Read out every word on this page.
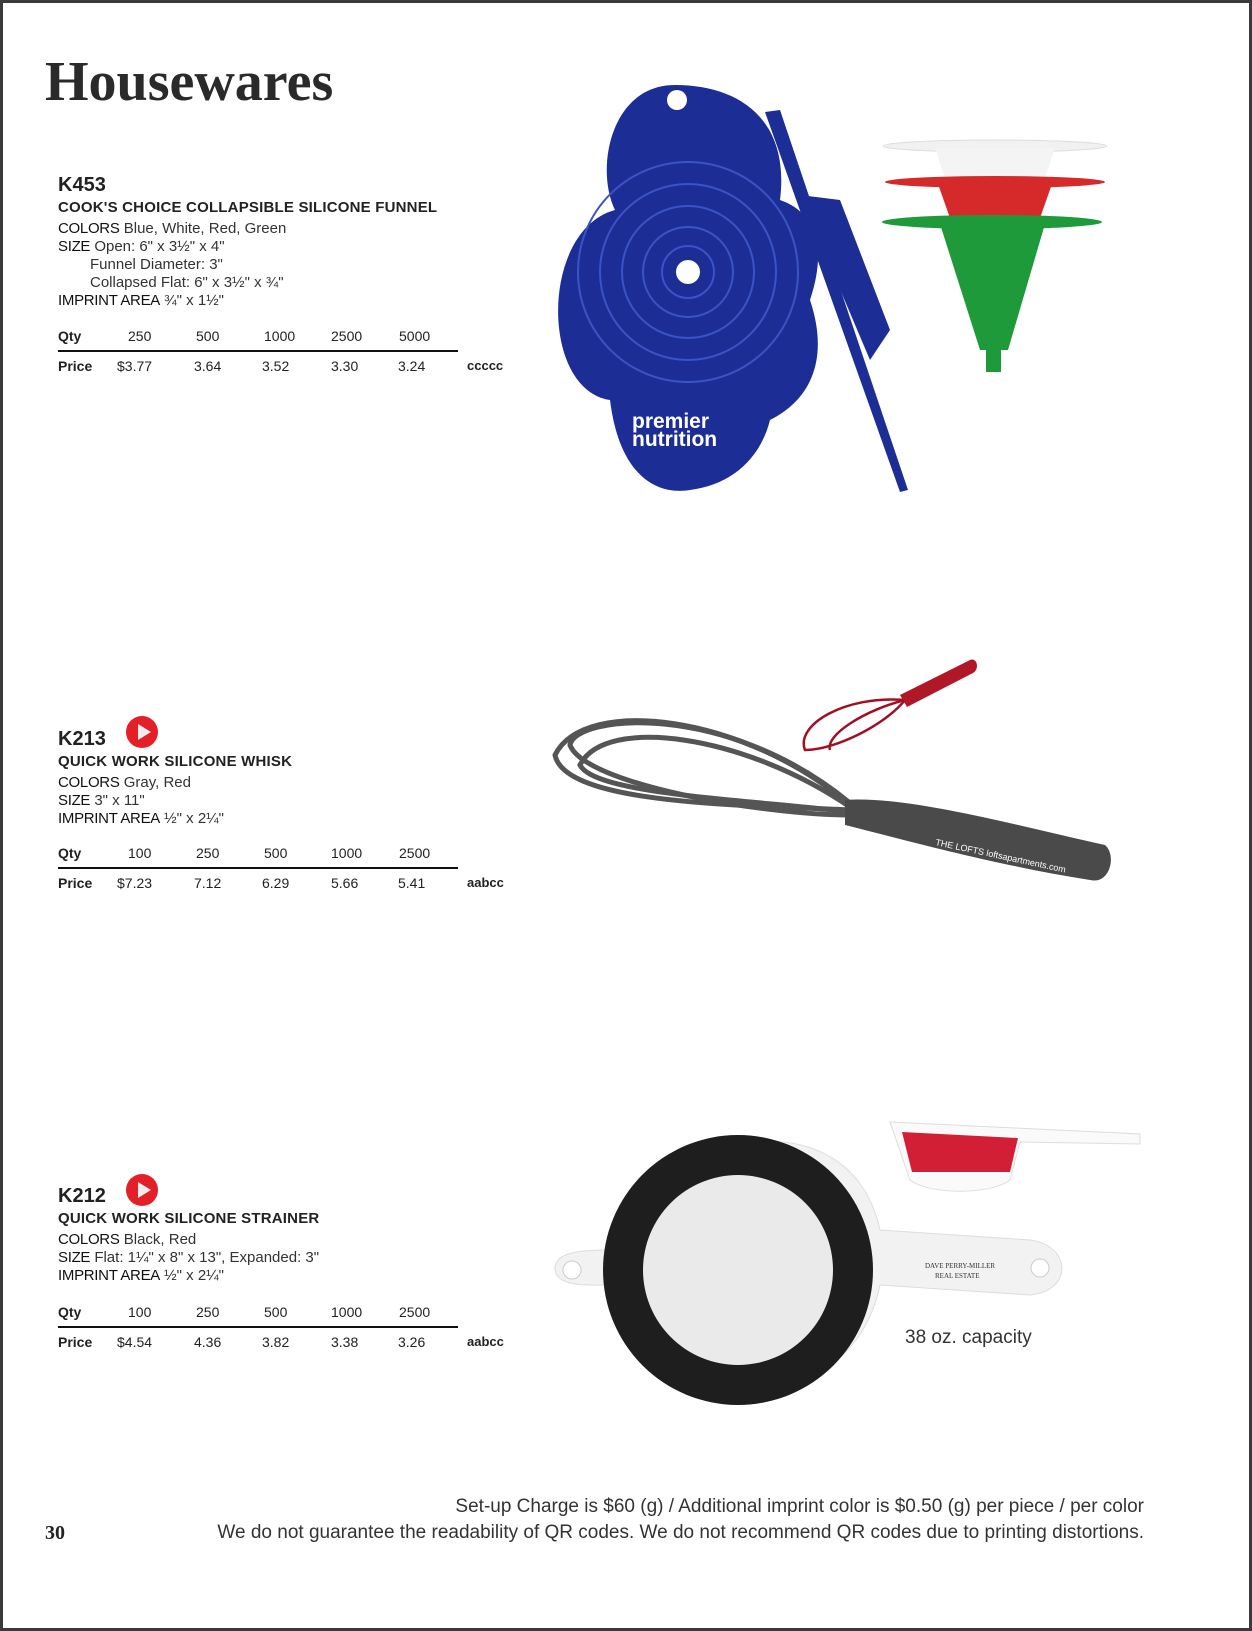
Housewares
K453
COOK'S CHOICE COLLAPSIBLE SILICONE FUNNEL
COLORS Blue, White, Red, Green
SIZE Open: 6" x 3½" x 4"
Funnel Diameter: 3"
Collapsed Flat: 6" x 3½" x ¾"
IMPRINT AREA ¾" x 1½"
Qty	250	500	1000	2500	5000
Price $3.77	3.64	3.52	3.30	3.24	ccccc
K213
QUICK WORK SILICONE WHISK
COLORS Gray, Red
SIZE 3" x 11"
IMPRINT AREA ½" x 2¼"
Qty	100	250	500	1000	2500
Price $7.23	7.12	6.29	5.66	5.41	aabcc
K212
QUICK WORK SILICONE STRAINER
COLORS Black, Red
SIZE Flat: 1¼" x 8" x 13", Expanded: 3"
IMPRINT AREA ½" x 2¼"
Qty	100	250	500	1000	2500
Price $4.54	4.36	3.82	3.38	3.26	aabcc
premier
nutrition
THE LOFTS loftsapartments.com
DAVE PERRY-MILLER
REAL ESTATE
38 oz. capacity
Set-up Charge is $60 (g) / Additional imprint color is $0.50 (g) per piece / per color
We do not guarantee the readability of QR codes. We do not recommend QR codes due to printing distortions.
30
